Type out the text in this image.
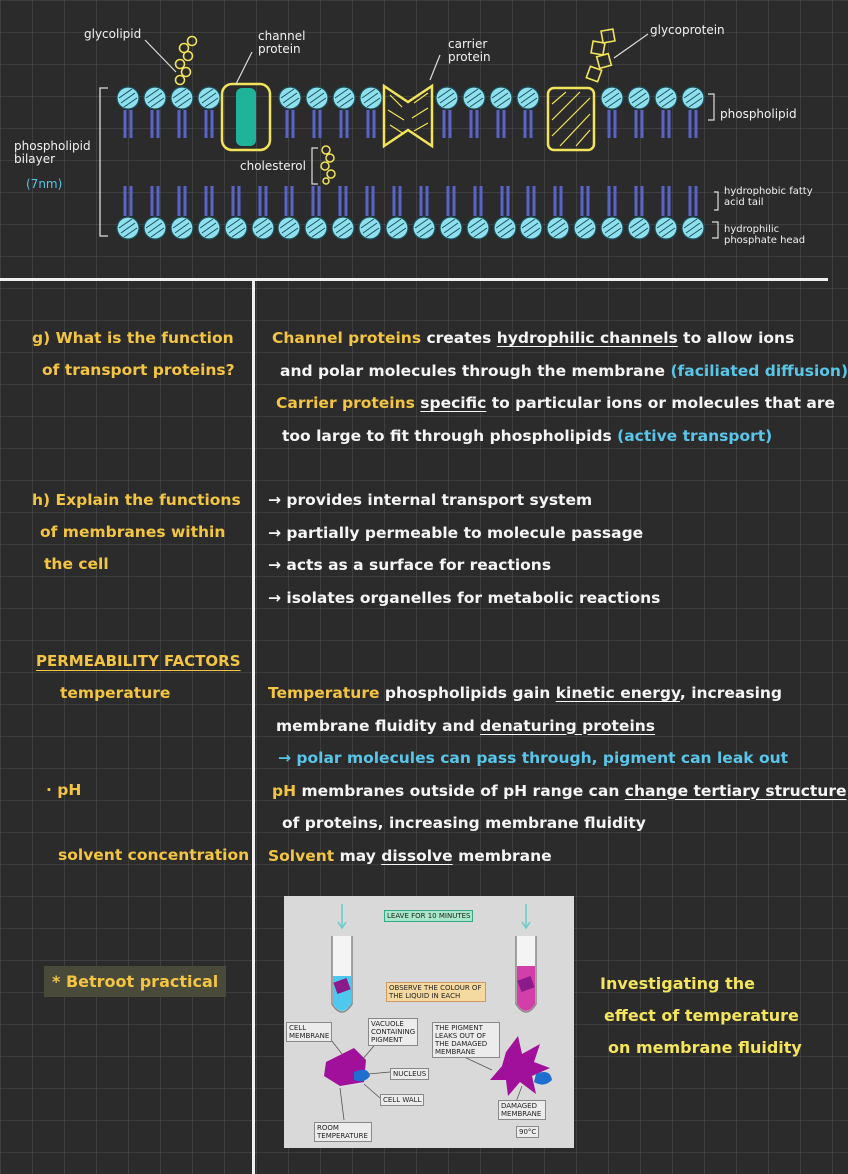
glycolipid	channel protein	carrier protein
glycoprotein
phospholipid
phospholipid bilayer
(7nm)
cholesterol
hydrophobic fatty acid tail
hydrophilic phosphate head
g) What is the function
of transport proteins?
Channel proteins creates hydrophilic channels to allow ions
and polar molecules through the membrane (faciliated diffusion)
Carrier proteins specific to particular ions or molecules that are
too large to fit through phospholipids (active transport)
h) Explain the functions
of membranes within
the cell
→ provides internal transport system
→ partially permeable to molecule passage
→ acts as a surface for reactions
→ isolates organelles for metabolic reactions
PERMEABILITY FACTORS
temperature
· pH
solvent concentration
Temperature phospholipids gain kinetic energy, increasing
membrane fluidity and denaturing proteins
→ polar molecules can pass through, pigment can leak out
pH membranes outside of pH range can change tertiary structure
of proteins, increasing membrane fluidity
Solvent may dissolve membrane
* Betroot practical
LEAVE FOR 10 MINUTES
OBSERVE THE COLOUR OF THE LIQUID IN EACH
CELL MEMBRANE
VACUOLE CONTAINING PIGMENT
THE PIGMENT LEAKS OUT OF THE DAMAGED MEMBRANE
NUCLEUS
CELL WALL
ROOM TEMPERATURE
DAMAGED MEMBRANE
90°C
Investigating the
effect of temperature
on membrane fluidity
